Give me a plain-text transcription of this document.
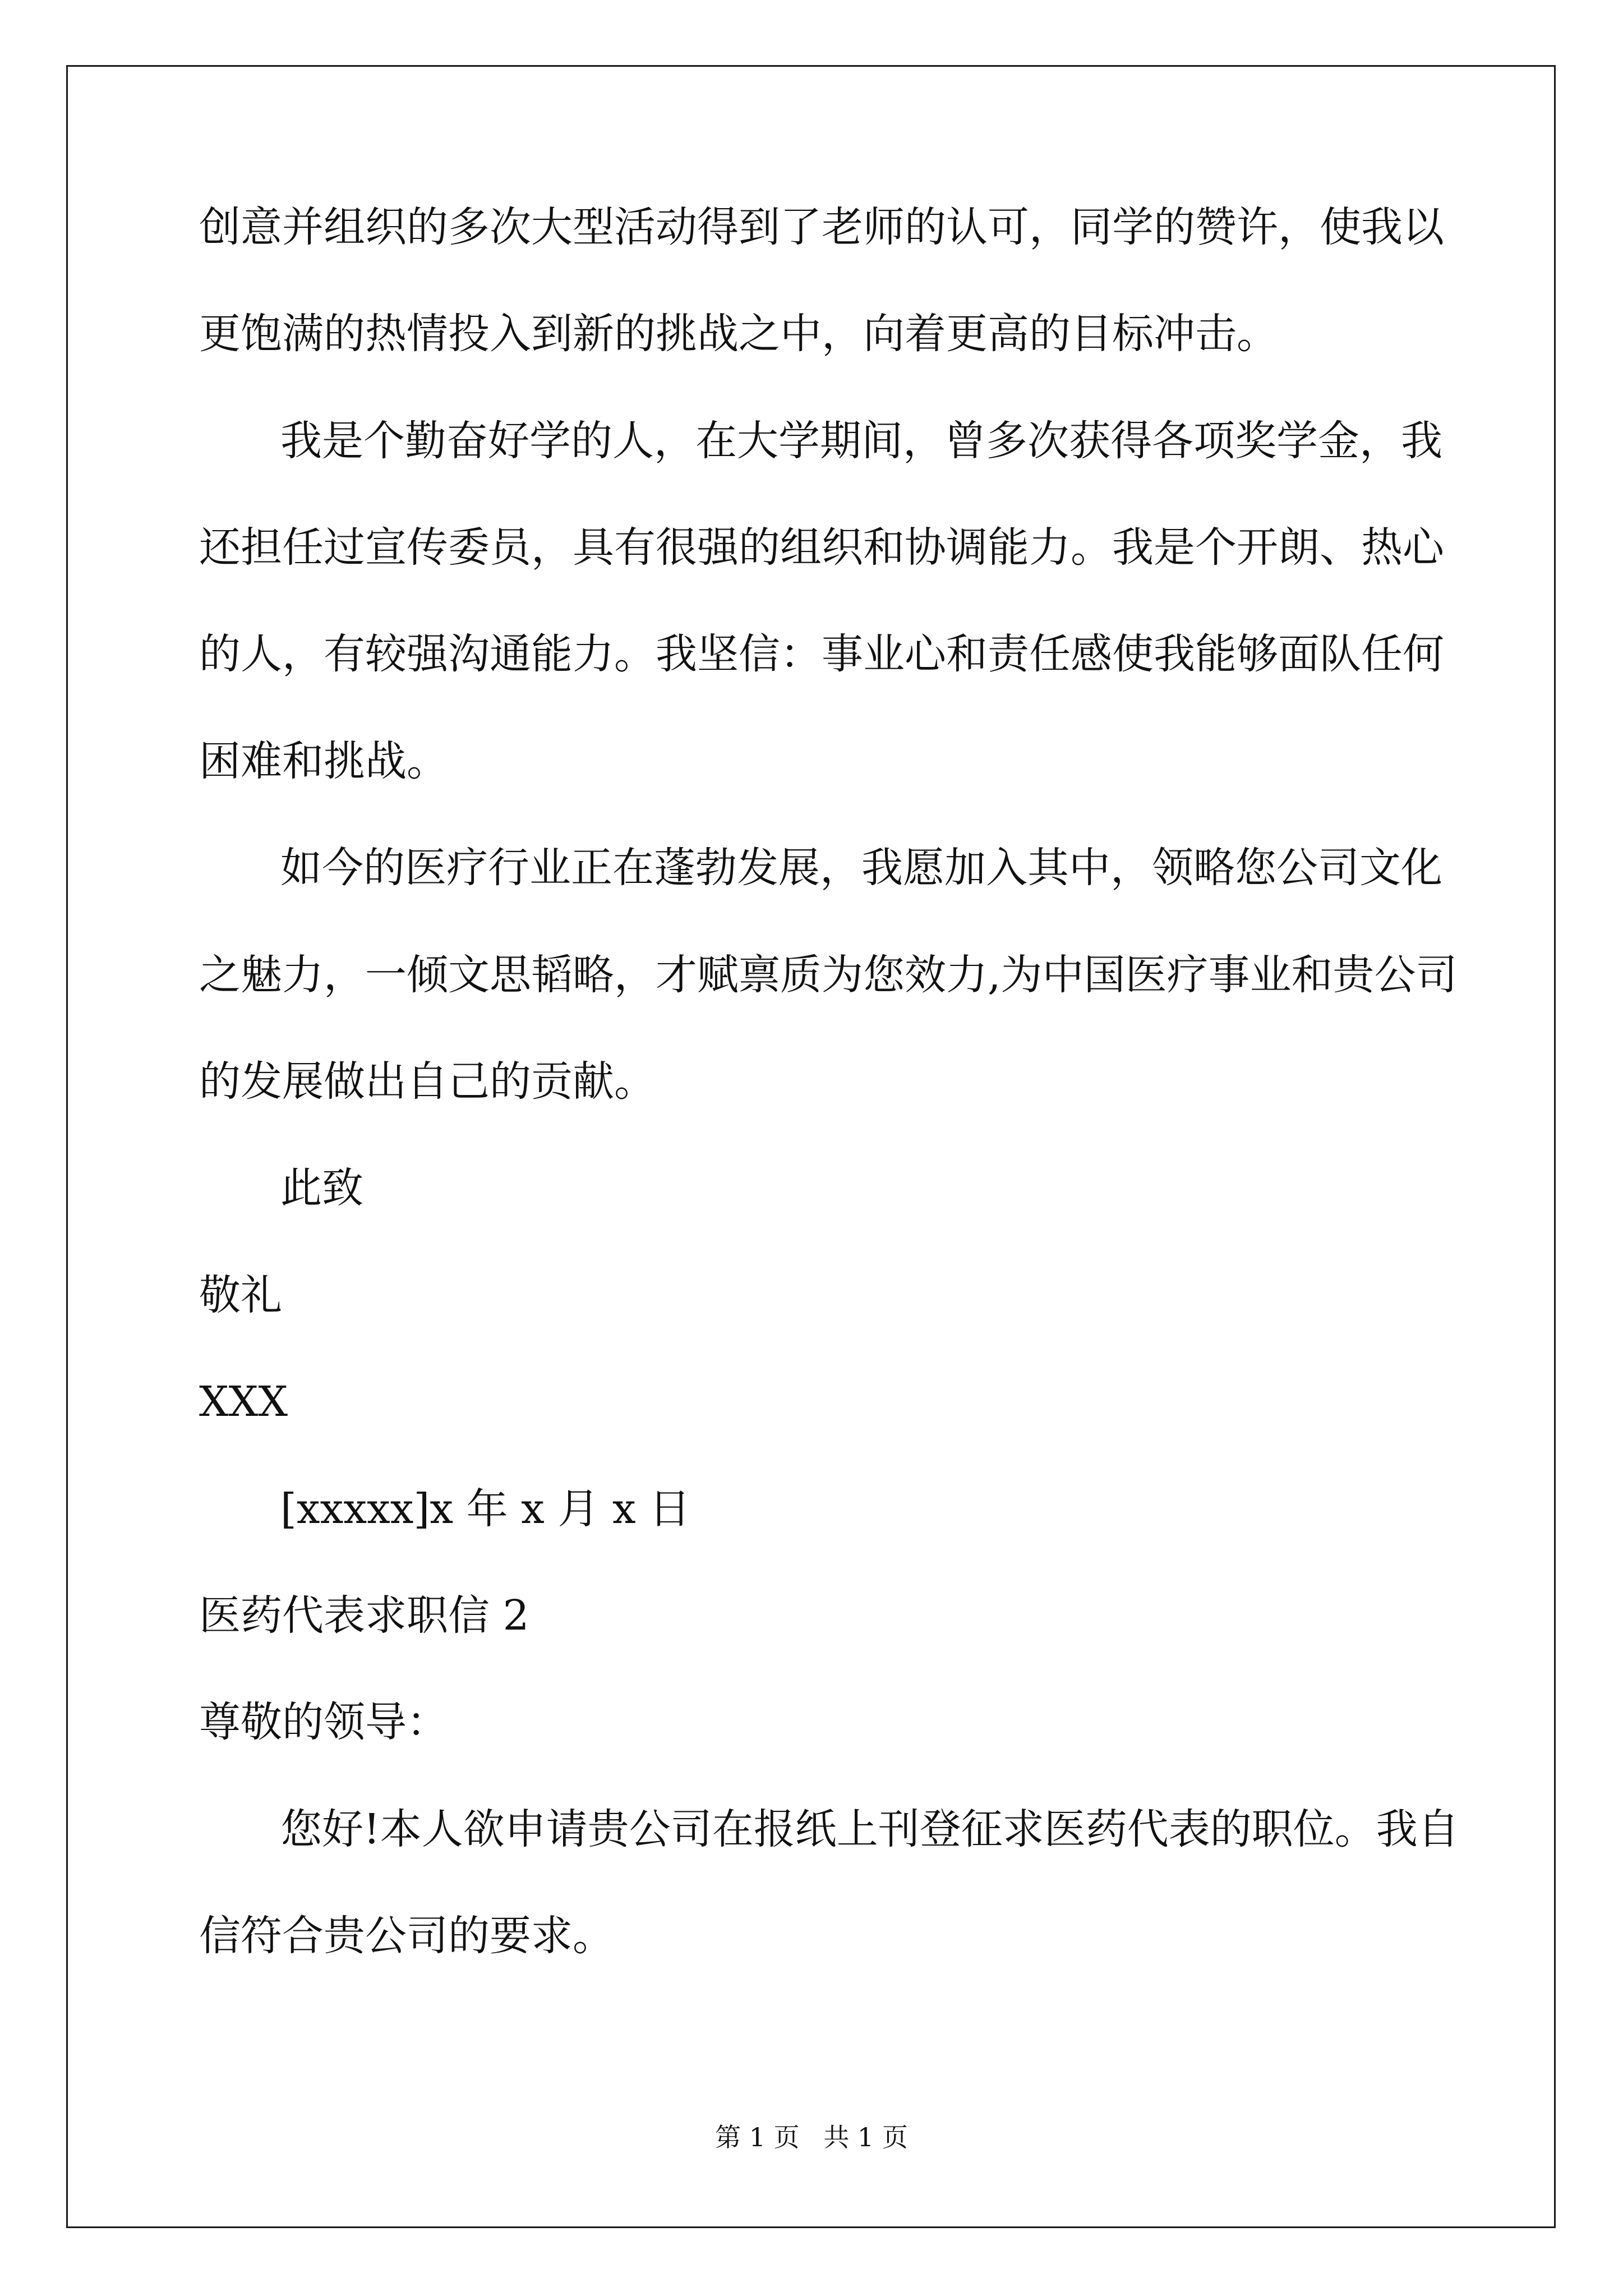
创意并组织的多次大型活动得到了老师的认可，同学的赞许，使我以
更饱满的热情投入到新的挑战之中，向着更高的目标冲击。
我是个勤奋好学的人，在大学期间，曾多次获得各项奖学金，我
还担任过宣传委员，具有很强的组织和协调能力。我是个开朗、热心
的人，有较强沟通能力。我坚信：事业心和责任感使我能够面队任何
困难和挑战。
如今的医疗行业正在蓬勃发展，我愿加入其中，领略您公司文化
之魅力，一倾文思韬略，才赋禀质为您效力,为中国医疗事业和贵公司
的发展做出自己的贡献。
此致
敬礼
XXX
[xxxxx]x 年 x 月 x 日
医药代表求职信 2
尊敬的领导：
您好!本人欲申请贵公司在报纸上刊登征求医药代表的职位。我自
信符合贵公司的要求。
第 1 页 共 1 页
